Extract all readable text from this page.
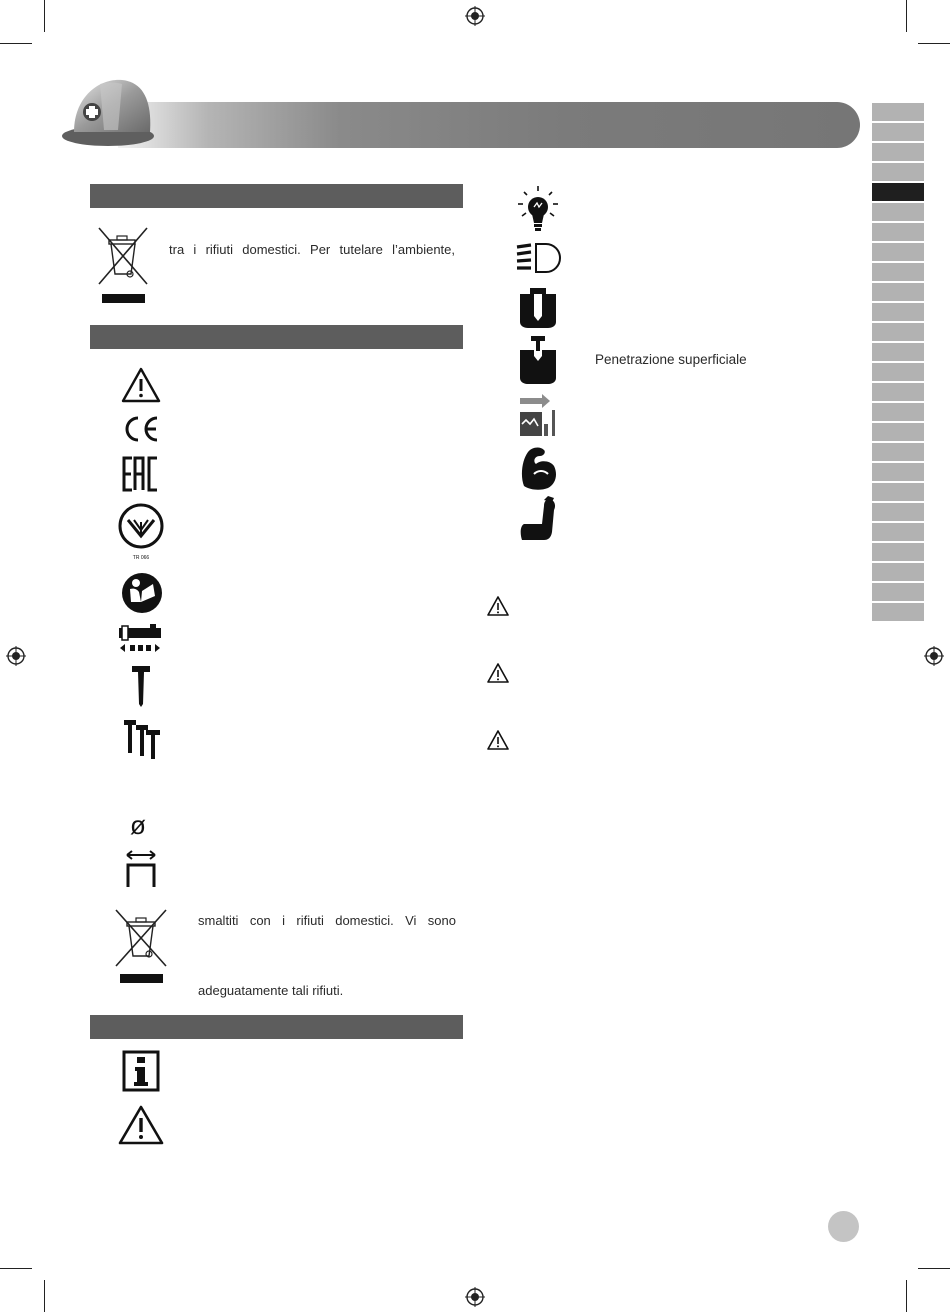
tra i rifiuti domestici. Per tutelare l’ambiente,
TR 066
ø
smaltiti con i rifiuti domestici. Vi sono
adeguatamente tali rifiuti.
Penetrazione superficiale
